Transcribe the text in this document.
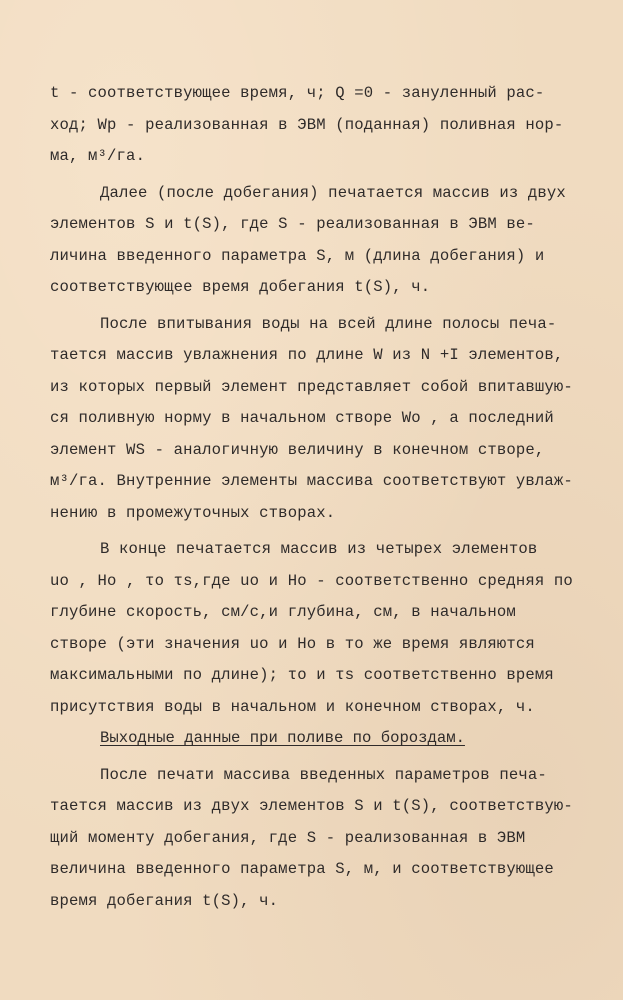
t - соответствующее время, ч; Q =0 - зануленный рас-
ход; Wр - реализованная в ЭВМ (поданная) поливная нор-
ма, м³/га.

Далее (после добегания) печатается массив из двух
элементов S и t(S), где S - реализованная в ЭВМ ве-
личина введенного параметра S, м (длина добегания) и
соответствующее время добегания t(S), ч.

После впитывания воды на всей длине полосы печа-
тается массив увлажнения по длине W из N +I элементов,
из которых первый элемент представляет собой впитавшую-
ся поливную норму в начальном створе Wo , а последний
элемент WS - аналогичную величину в конечном створе,
м³/га. Внутренние элементы массива соответствуют увлаж-
нению в промежуточных створах.

В конце печатается массив из четырех элементов
uo , Ho , τo τs,где uo и Ho - соответственно средняя по
глубине скорость, см/с,и глубина, см, в начальном
створе (эти значения uo и Ho в то же время являются
максимальными по длине); τo и τs соответственно время
присутствия воды в начальном и конечном створах, ч.

Выходные данные при поливе по бороздам.

После печати массива введенных параметров печа-
тается массив из двух элементов S и t(S), соответствую-
щий моменту добегания, где S - реализованная в ЭВМ
величина введенного параметра S, м, и соответствующее
время добегания t(S), ч.
